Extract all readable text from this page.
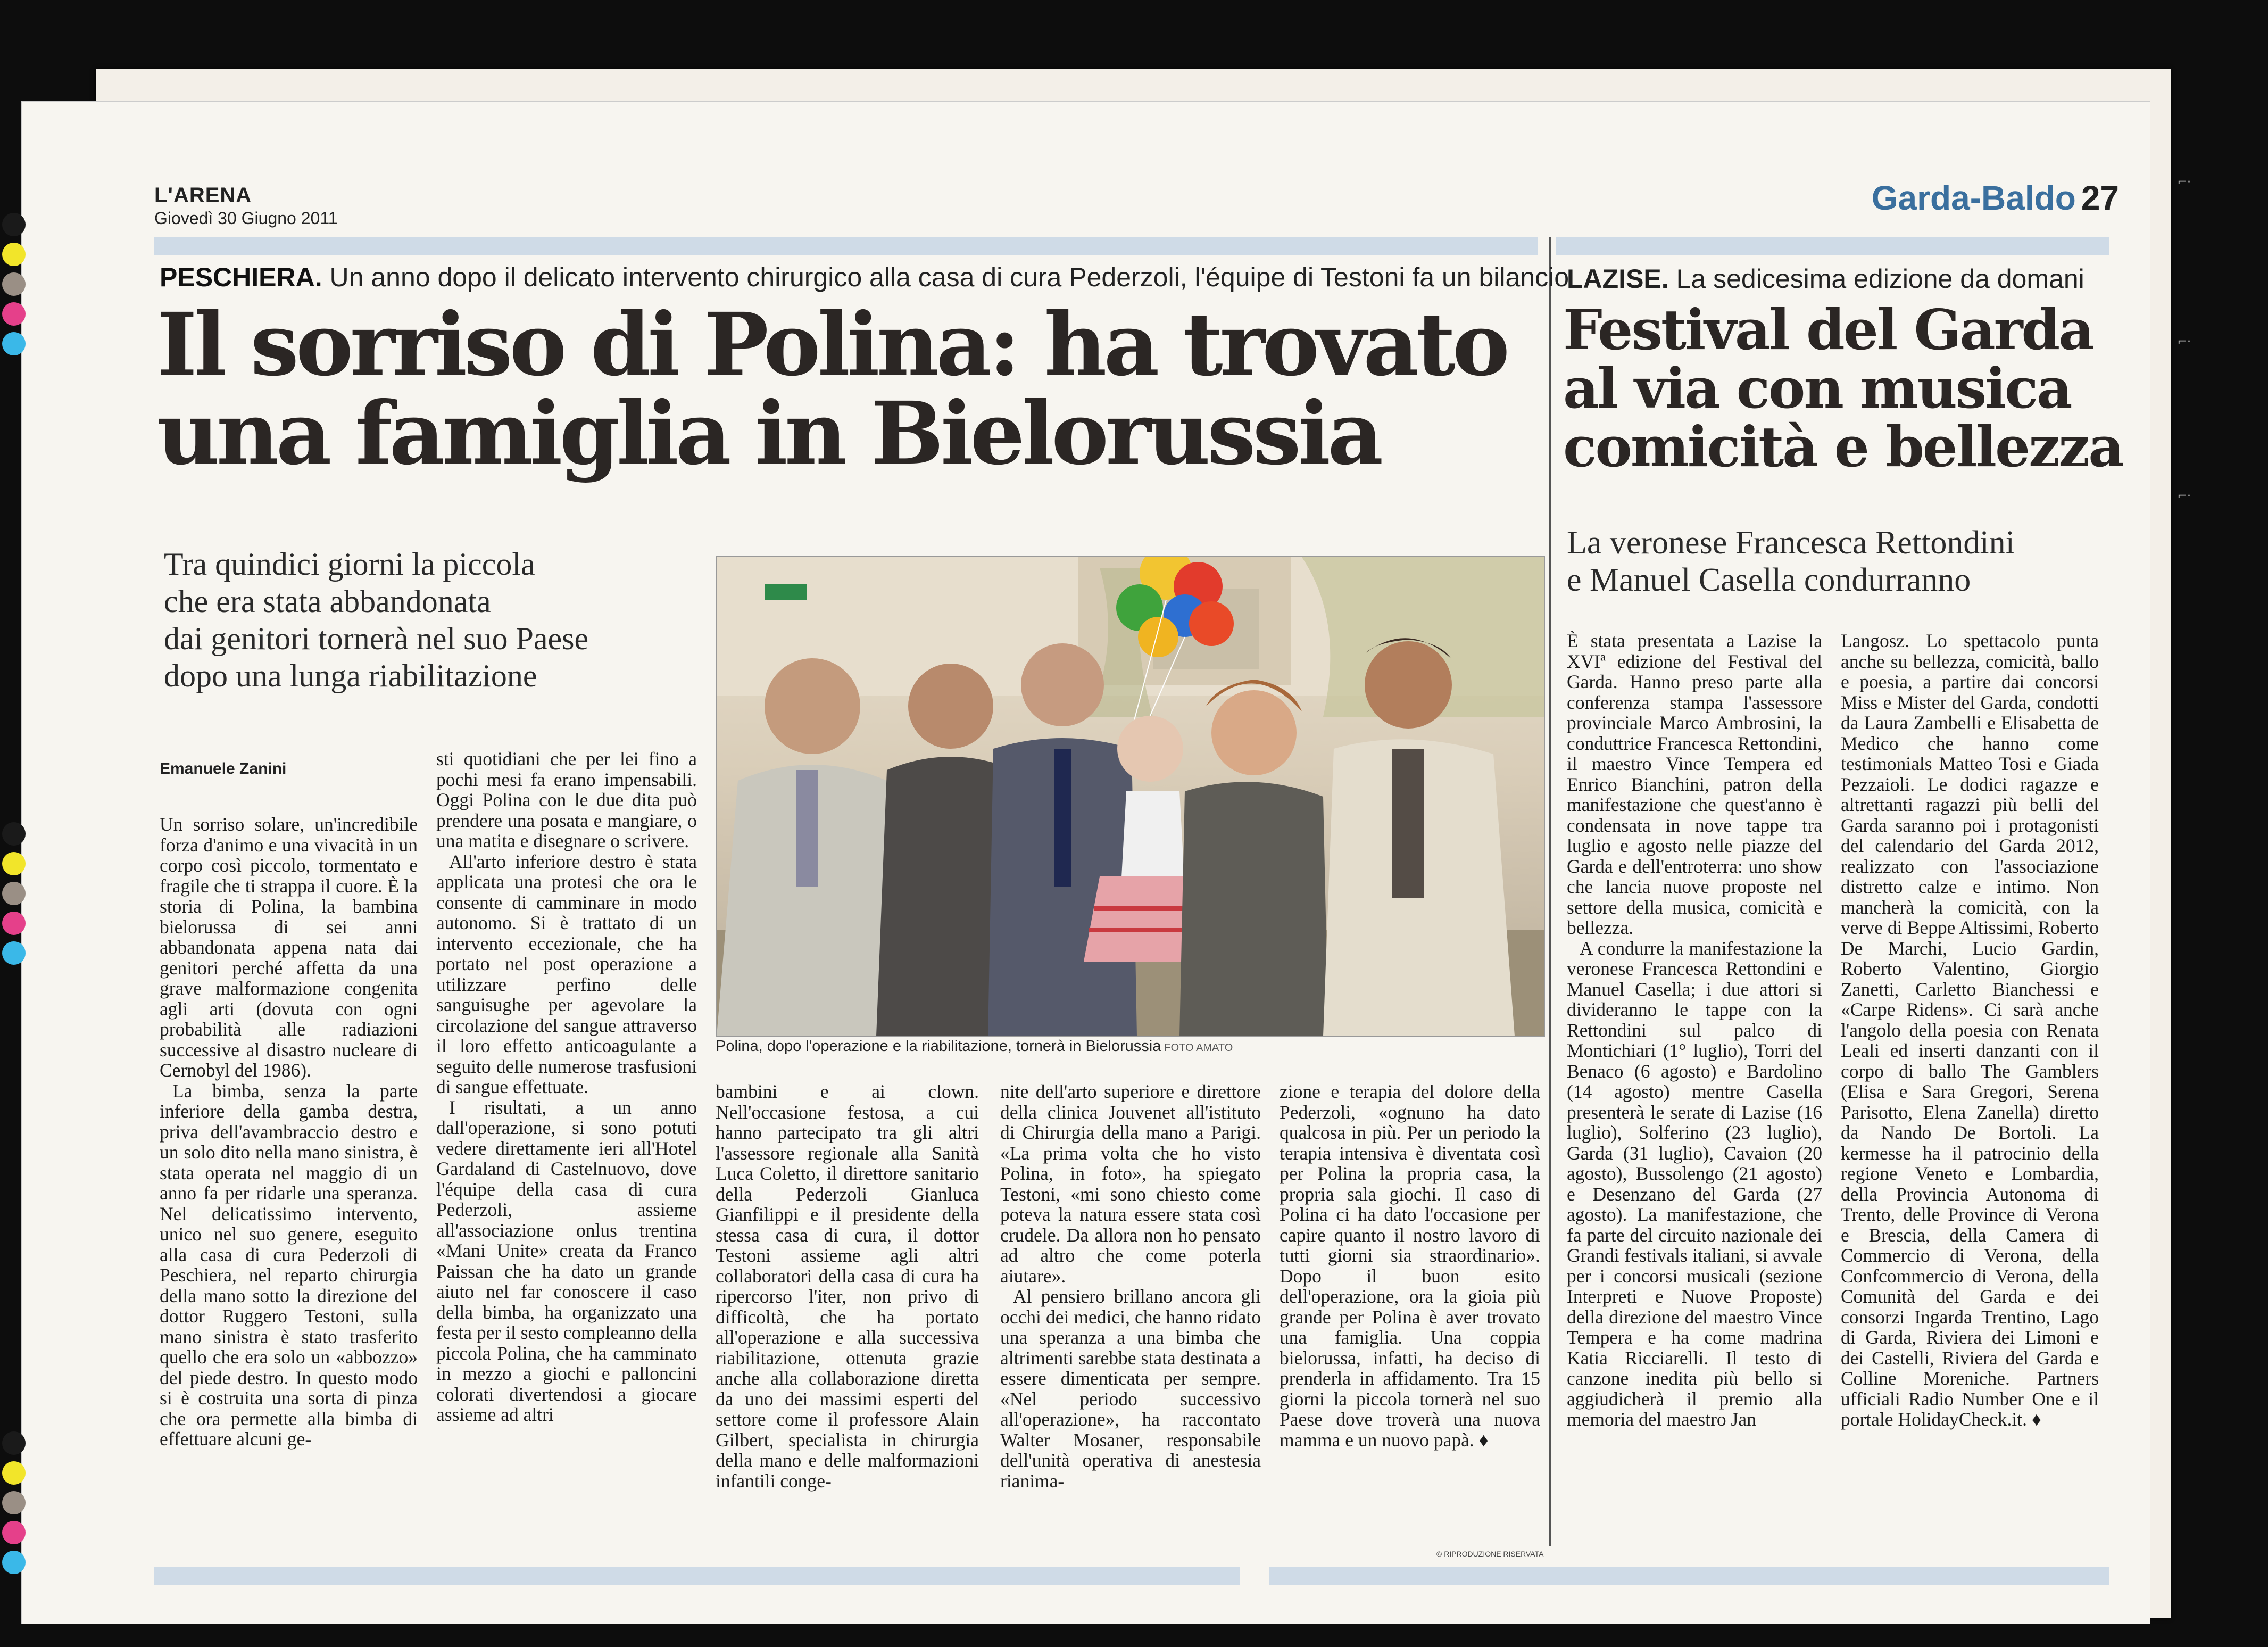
⌐·
⌐·
⌐·
L'ARENA
Giovedì 30 Giugno 2011
Garda-Baldo 27
PESCHIERA. Un anno dopo il delicato intervento chirurgico alla casa di cura Pederzoli, l'équipe di Testoni fa un bilancio
Il sorriso di Polina: ha trovato
una famiglia in Bielorussia
Tra quindici giorni la piccola
che era stata abbandonata
dai genitori tornerà nel suo Paese
dopo una lunga riabilitazione
Emanuele Zanini

Un sorriso solare, un'incredibile forza d'animo e una vivacità in un corpo così piccolo, tormentato e fragile che ti strappa il cuore. È la storia di Polina, la bambina bielorussa di sei anni abbandonata appena nata dai genitori perché affetta da una grave malformazione congenita agli arti (dovuta con ogni probabilità alle radiazioni successive al disastro nucleare di Cernobyl del 1986).

La bimba, senza la parte inferiore della gamba destra, priva dell'avambraccio destro e un solo dito nella mano sinistra, è stata operata nel maggio di un anno fa per ridarle una speranza. Nel delicatissimo intervento, unico nel suo genere, eseguito alla casa di cura Pederzoli di Peschiera, nel reparto chirurgia della mano sotto la direzione del dottor Ruggero Testoni, sulla mano sinistra è stato trasferito quello che era solo un «abbozzo» del piede destro. In questo modo si è costruita una sorta di pinza che ora permette alla bimba di effettuare alcuni ge-

sti quotidiani che per lei fino a pochi mesi fa erano impensabili. Oggi Polina con le due dita può prendere una posata e mangiare, o una matita e disegnare o scrivere.

All'arto inferiore destro è stata applicata una protesi che ora le consente di camminare in modo autonomo. Si è trattato di un intervento eccezionale, che ha portato nel post operazione a utilizzare perfino delle sanguisughe per agevolare la circolazione del sangue attraverso il loro effetto anticoagulante a seguito delle numerose trasfusioni di sangue effettuate.

I risultati, a un anno dall'operazione, si sono potuti vedere direttamente ieri all'Hotel Gardaland di Castelnuovo, dove l'équipe della casa di cura Pederzoli, assieme all'associazione onlus trentina «Mani Unite» creata da Franco Paissan che ha dato un grande aiuto nel far conoscere il caso della bimba, ha organizzato una festa per il sesto compleanno della piccola Polina, che ha camminato in mezzo a giochi e palloncini colorati divertendosi a giocare assieme ad altri

Polina, dopo l'operazione e la riabilitazione, tornerà in Bielorussia FOTO AMATO

bambini e ai clown. Nell'occasione festosa, a cui hanno partecipato tra gli altri l'assessore regionale alla Sanità Luca Coletto, il direttore sanitario della Pederzoli Gianluca Gianfilippi e il presidente della stessa casa di cura, il dottor Testoni assieme agli altri collaboratori della casa di cura ha ripercorso l'iter, non privo di difficoltà, che ha portato all'operazione e alla successiva riabilitazione, ottenuta grazie anche alla collaborazione diretta da uno dei massimi esperti del settore come il professore Alain Gilbert, specialista in chirurgia della mano e delle malformazioni infantili conge-

nite dell'arto superiore e direttore della clinica Jouvenet all'istituto di Chirurgia della mano a Parigi. «La prima volta che ho visto Polina, in foto», ha spiegato Testoni, «mi sono chiesto come poteva la natura essere stata così crudele. Da allora non ho pensato ad altro che come poterla aiutare».

Al pensiero brillano ancora gli occhi dei medici, che hanno ridato una speranza a una bimba che altrimenti sarebbe stata destinata a essere dimenticata per sempre. «Nel periodo successivo all'operazione», ha raccontato Walter Mosaner, responsabile dell'unità operativa di anestesia rianima-

zione e terapia del dolore della Pederzoli, «ognuno ha dato qualcosa in più. Per un periodo la terapia intensiva è diventata così per Polina la propria casa, la propria sala giochi. Il caso di Polina ci ha dato l'occasione per capire quanto il nostro lavoro di tutti giorni sia straordinario». Dopo il buon esito dell'operazione, ora la gioia più grande per Polina è aver trovato una famiglia. Una coppia bielorussa, infatti, ha deciso di prenderla in affidamento. Tra 15 giorni la piccola tornerà nel suo Paese dove troverà una nuova mamma e un nuovo papà. ♦

© RIPRODUZIONE RISERVATA
LAZISE. La sedicesima edizione da domani
Festival del Garda
al via con musica
comicità e bellezza
La veronese Francesca Rettondini
e Manuel Casella condurranno

È stata presentata a Lazise la XVIª edizione del Festival del Garda. Hanno preso parte alla conferenza stampa l'assessore provinciale Marco Ambrosini, la conduttrice Francesca Rettondini, il maestro Vince Tempera ed Enrico Bianchini, patron della manifestazione che quest'anno è condensata in nove tappe tra luglio e agosto nelle piazze del Garda e dell'entroterra: uno show che lancia nuove proposte nel settore della musica, comicità e bellezza.

A condurre la manifestazione la veronese Francesca Rettondini e Manuel Casella; i due attori si divideranno le tappe con la Rettondini sul palco di Montichiari (1° luglio), Torri del Benaco (6 agosto) e Bardolino (14 agosto) mentre Casella presenterà le serate di Lazise (16 luglio), Solferino (23 luglio), Garda (31 luglio), Cavaion (20 agosto), Bussolengo (21 agosto) e Desenzano del Garda (27 agosto). La manifestazione, che fa parte del circuito nazionale dei Grandi festivals italiani, si avvale per i concorsi musicali (sezione Interpreti e Nuove Proposte) della direzione del maestro Vince Tempera e ha come madrina Katia Ricciarelli. Il testo di canzone inedita più bello si aggiudicherà il premio alla memoria del maestro Jan

Langosz. Lo spettacolo punta anche su bellezza, comicità, ballo e poesia, a partire dai concorsi Miss e Mister del Garda, condotti da Laura Zambelli e Elisabetta de Medico che hanno come testimonials Matteo Tosi e Giada Pezzaioli. Le dodici ragazze e altrettanti ragazzi più belli del Garda saranno poi i protagonisti del calendario del Garda 2012, realizzato con l'associazione distretto calze e intimo. Non mancherà la comicità, con la verve di Beppe Altissimi, Roberto De Marchi, Lucio Gardin, Roberto Valentino, Giorgio Zanetti, Carletto Bianchessi e «Carpe Ridens». Ci sarà anche l'angolo della poesia con Renata Leali ed inserti danzanti con il corpo di ballo The Gamblers (Elisa e Sara Gregori, Serena Parisotto, Elena Zanella) diretto da Nando De Bortoli. La kermesse ha il patrocinio della regione Veneto e Lombardia, della Provincia Autonoma di Trento, delle Province di Verona e Brescia, della Camera di Commercio di Verona, della Confcommercio di Verona, della Comunità del Garda e dei consorzi Ingarda Trentino, Lago di Garda, Riviera dei Limoni e dei Castelli, Riviera del Garda e Colline Moreniche. Partners ufficiali Radio Number One e il portale HolidayCheck.it. ♦
